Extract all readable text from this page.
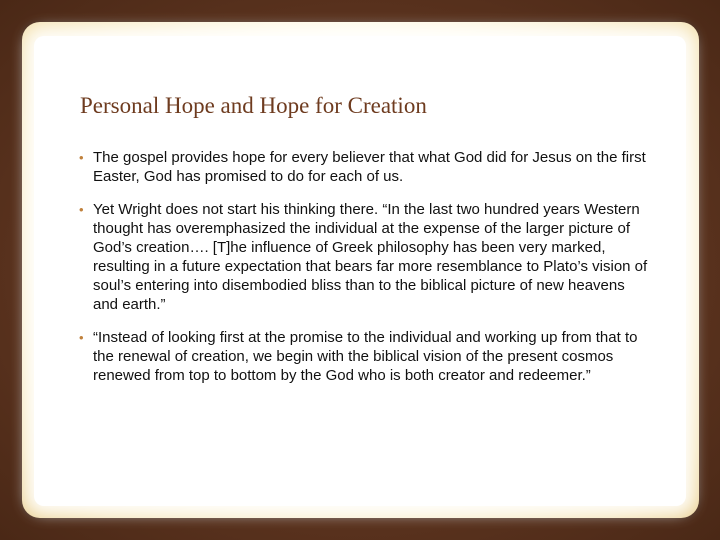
Personal Hope and Hope for Creation
• The gospel provides hope for every believer that what God did for Jesus on the first Easter, God has promised to do for each of us.
• Yet Wright does not start his thinking there. “In the last two hundred years Western thought has overemphasized the individual at the expense of the larger picture of God’s creation…. [T]he influence of Greek philosophy has been very marked, resulting in a future expectation that bears far more resemblance to Plato’s vision of soul’s entering into disembodied bliss than to the biblical picture of new heavens and earth.”
• “Instead of looking first at the promise to the individual and working up from that to the renewal of creation, we begin with the biblical vision of the present cosmos renewed from top to bottom by the God who is both creator and redeemer.”
